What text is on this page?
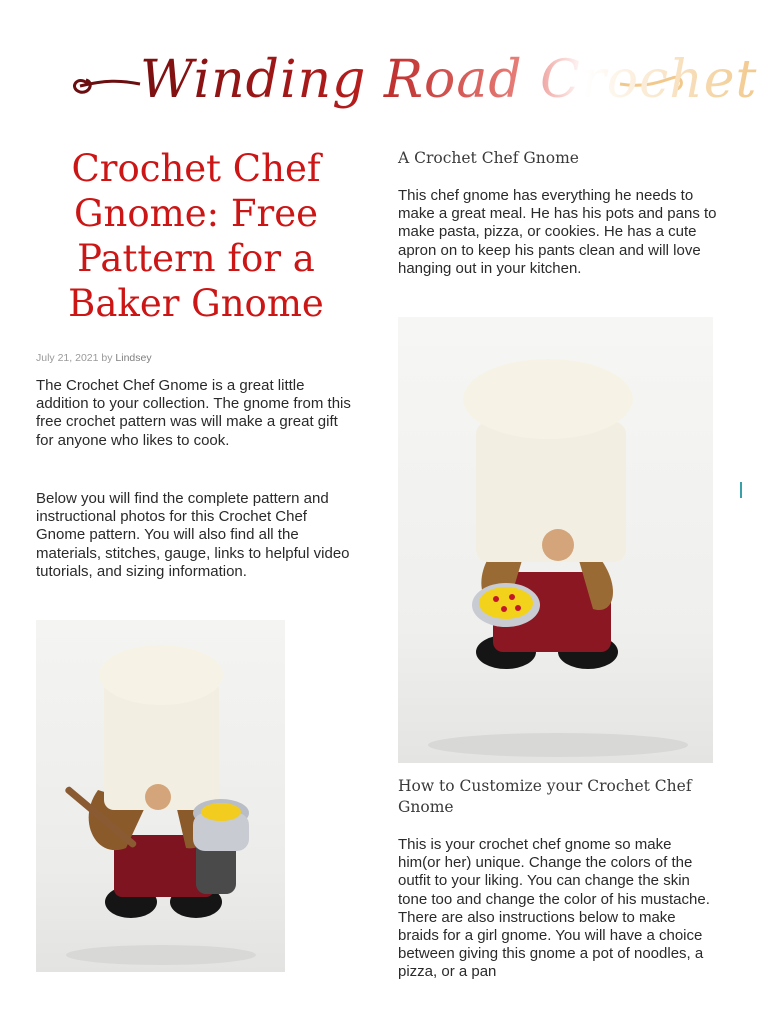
Winding Road Crochet
Crochet Chef Gnome: Free Pattern for a Baker Gnome
July 21, 2021 by Lindsey

The Crochet Chef Gnome is a great little addition to your collection. The gnome from this free crochet pattern was will make a great gift for anyone who likes to cook.

Below you will find the complete pattern and instructional photos for this Crochet Chef Gnome pattern. You will also find all the materials, stitches, gauge, links to helpful video tutorials, and sizing information.

A Crochet Chef Gnome

This chef gnome has everything he needs to make a great meal. He has his pots and pans to make pasta, pizza, or cookies. He has a cute apron on to keep his pants clean and will love hanging out in your kitchen.

How to Customize your Crochet Chef Gnome

This is your crochet chef gnome so make him(or her) unique. Change the colors of the outfit to your liking. You can change the skin tone too and change the color of his mustache. There are also instructions below to make braids for a girl gnome. You will have a choice between giving this gnome a pot of noodles, a pizza, or a pan
